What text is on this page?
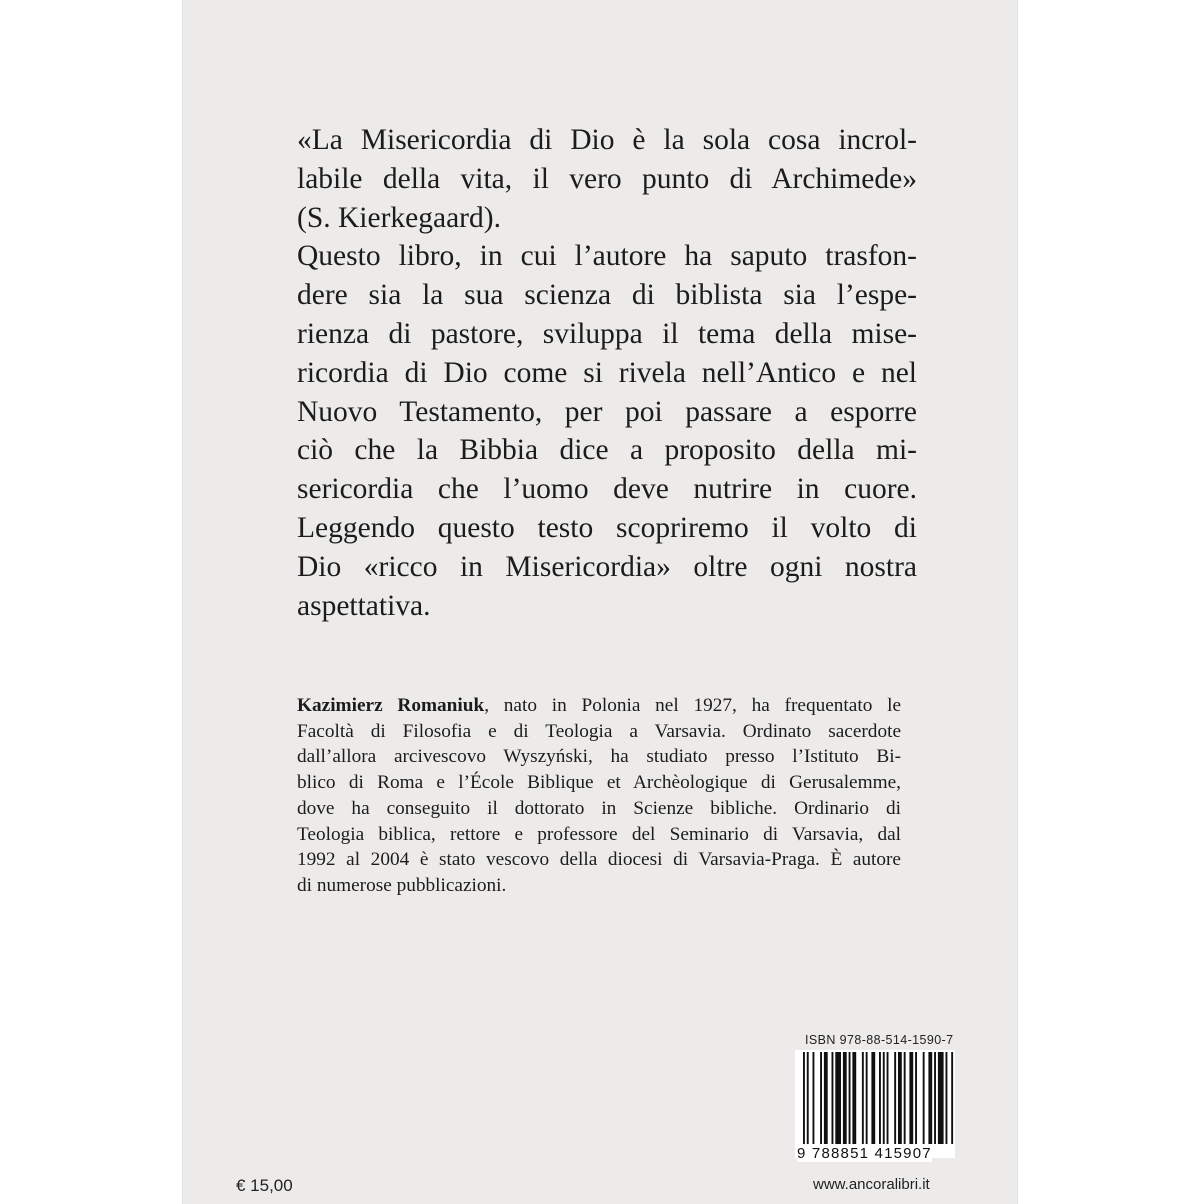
«La Misericordia di Dio è la sola cosa incrol-
labile della vita, il vero punto di Archimede»
(S. Kierkegaard).
Questo libro, in cui l’autore ha saputo trasfon-
dere sia la sua scienza di biblista sia l’espe-
rienza di pastore, sviluppa il tema della mise-
ricordia di Dio come si rivela nell’Antico e nel
Nuovo Testamento, per poi passare a esporre
ciò che la Bibbia dice a proposito della mi-
sericordia che l’uomo deve nutrire in cuore.
Leggendo questo testo scopriremo il volto di
Dio «ricco in Misericordia» oltre ogni nostra
aspettativa.
Kazimierz Romaniuk, nato in Polonia nel 1927, ha frequentato le
Facoltà di Filosofia e di Teologia a Varsavia. Ordinato sacerdote
dall’allora arcivescovo Wyszyński, ha studiato presso l’Istituto Bi-
blico di Roma e l’École Biblique et Archèologique di Gerusalemme,
dove ha conseguito il dottorato in Scienze bibliche. Ordinario di
Teologia biblica, rettore e professore del Seminario di Varsavia, dal
1992 al 2004 è stato vescovo della diocesi di Varsavia-Praga. È autore
di numerose pubblicazioni.
ISBN 978-88-514-1590-7
9 788851 415907
€ 15,00	www.ancoralibri.it
